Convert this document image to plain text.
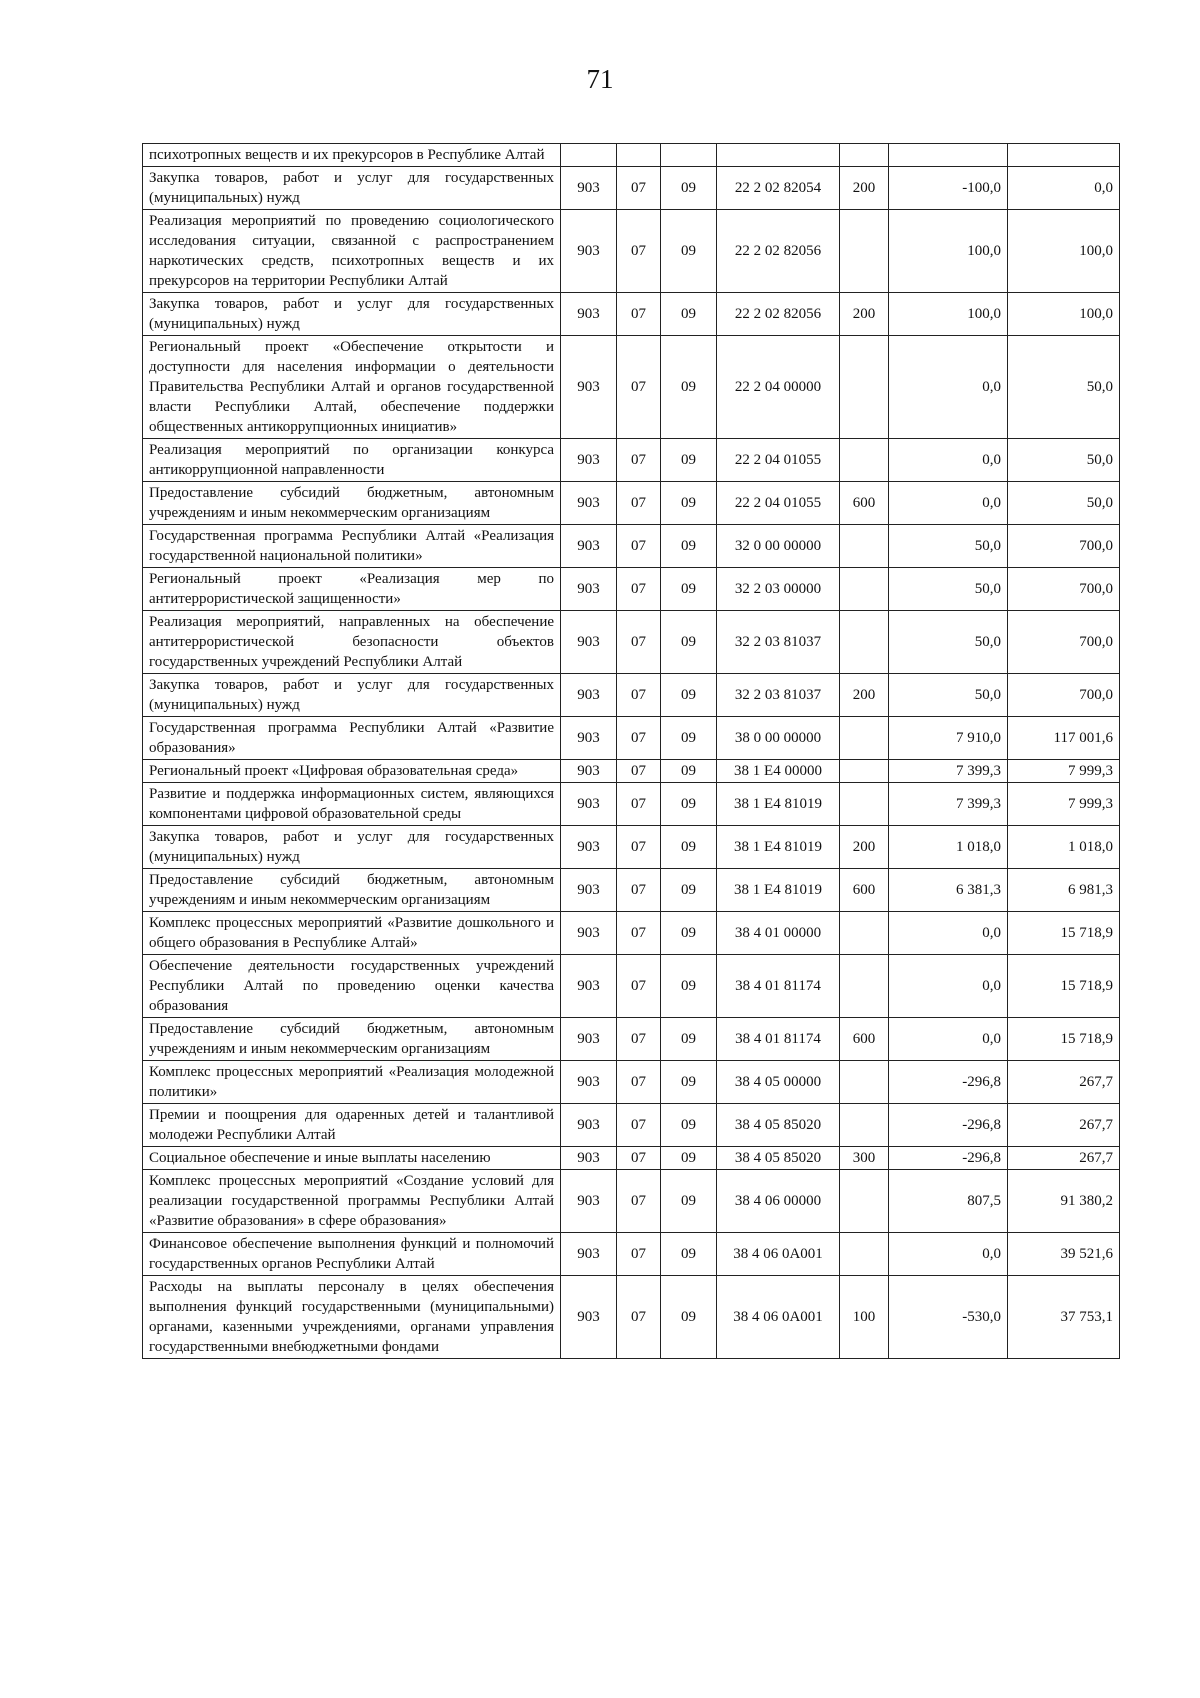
71
психотропных веществ и их прекурсоров в Республике Алтай							
Закупка товаров, работ и услуг для государственных (муниципальных) нужд	903	07	09	22 2 02 82054	200	-100,0	0,0
Реализация мероприятий по проведению социологического исследования ситуации, связанной с распространением наркотических средств, психотропных веществ и их прекурсоров на территории Республики Алтай	903	07	09	22 2 02 82056		100,0	100,0
Закупка товаров, работ и услуг для государственных (муниципальных) нужд	903	07	09	22 2 02 82056	200	100,0	100,0
Региональный проект «Обеспечение открытости и доступности для населения информации о деятельности Правительства Республики Алтай и органов государственной власти Республики Алтай, обеспечение поддержки общественных антикоррупционных инициатив»	903	07	09	22 2 04 00000		0,0	50,0
Реализация мероприятий по организации конкурса антикоррупционной направленности	903	07	09	22 2 04 01055		0,0	50,0
Предоставление субсидий бюджетным, автономным учреждениям и иным некоммерческим организациям	903	07	09	22 2 04 01055	600	0,0	50,0
Государственная программа Республики Алтай «Реализация государственной национальной политики»	903	07	09	32 0 00 00000		50,0	700,0
Региональный проект «Реализация мер по антитеррористической защищенности»	903	07	09	32 2 03 00000		50,0	700,0
Реализация мероприятий, направленных на обеспечение антитеррористической безопасности объектов государственных учреждений Республики Алтай	903	07	09	32 2 03 81037		50,0	700,0
Закупка товаров, работ и услуг для государственных (муниципальных) нужд	903	07	09	32 2 03 81037	200	50,0	700,0
Государственная программа Республики Алтай «Развитие образования»	903	07	09	38 0 00 00000		7 910,0	117 001,6
Региональный проект «Цифровая образовательная среда»	903	07	09	38 1 E4 00000		7 399,3	7 999,3
Развитие и поддержка информационных систем, являющихся компонентами цифровой образовательной среды	903	07	09	38 1 E4 81019		7 399,3	7 999,3
Закупка товаров, работ и услуг для государственных (муниципальных) нужд	903	07	09	38 1 E4 81019	200	1 018,0	1 018,0
Предоставление субсидий бюджетным, автономным учреждениям и иным некоммерческим организациям	903	07	09	38 1 E4 81019	600	6 381,3	6 981,3
Комплекс процессных мероприятий «Развитие дошкольного и общего образования в Республике Алтай»	903	07	09	38 4 01 00000		0,0	15 718,9
Обеспечение деятельности государственных учреждений Республики Алтай по проведению оценки качества образования	903	07	09	38 4 01 81174		0,0	15 718,9
Предоставление субсидий бюджетным, автономным учреждениям и иным некоммерческим организациям	903	07	09	38 4 01 81174	600	0,0	15 718,9
Комплекс процессных мероприятий «Реализация молодежной политики»	903	07	09	38 4 05 00000		-296,8	267,7
Премии и поощрения для одаренных детей и талантливой молодежи Республики Алтай	903	07	09	38 4 05 85020		-296,8	267,7
Социальное обеспечение и иные выплаты населению	903	07	09	38 4 05 85020	300	-296,8	267,7
Комплекс процессных мероприятий «Создание условий для реализации государственной программы Республики Алтай «Развитие образования» в сфере образования»	903	07	09	38 4 06 00000		807,5	91 380,2
Финансовое обеспечение выполнения функций и полномочий государственных органов Республики Алтай	903	07	09	38 4 06 0А001		0,0	39 521,6
Расходы на выплаты персоналу в целях обеспечения выполнения функций государственными (муниципальными) органами, казенными учреждениями, органами управления государственными внебюджетными фондами	903	07	09	38 4 06 0А001	100	-530,0	37 753,1
